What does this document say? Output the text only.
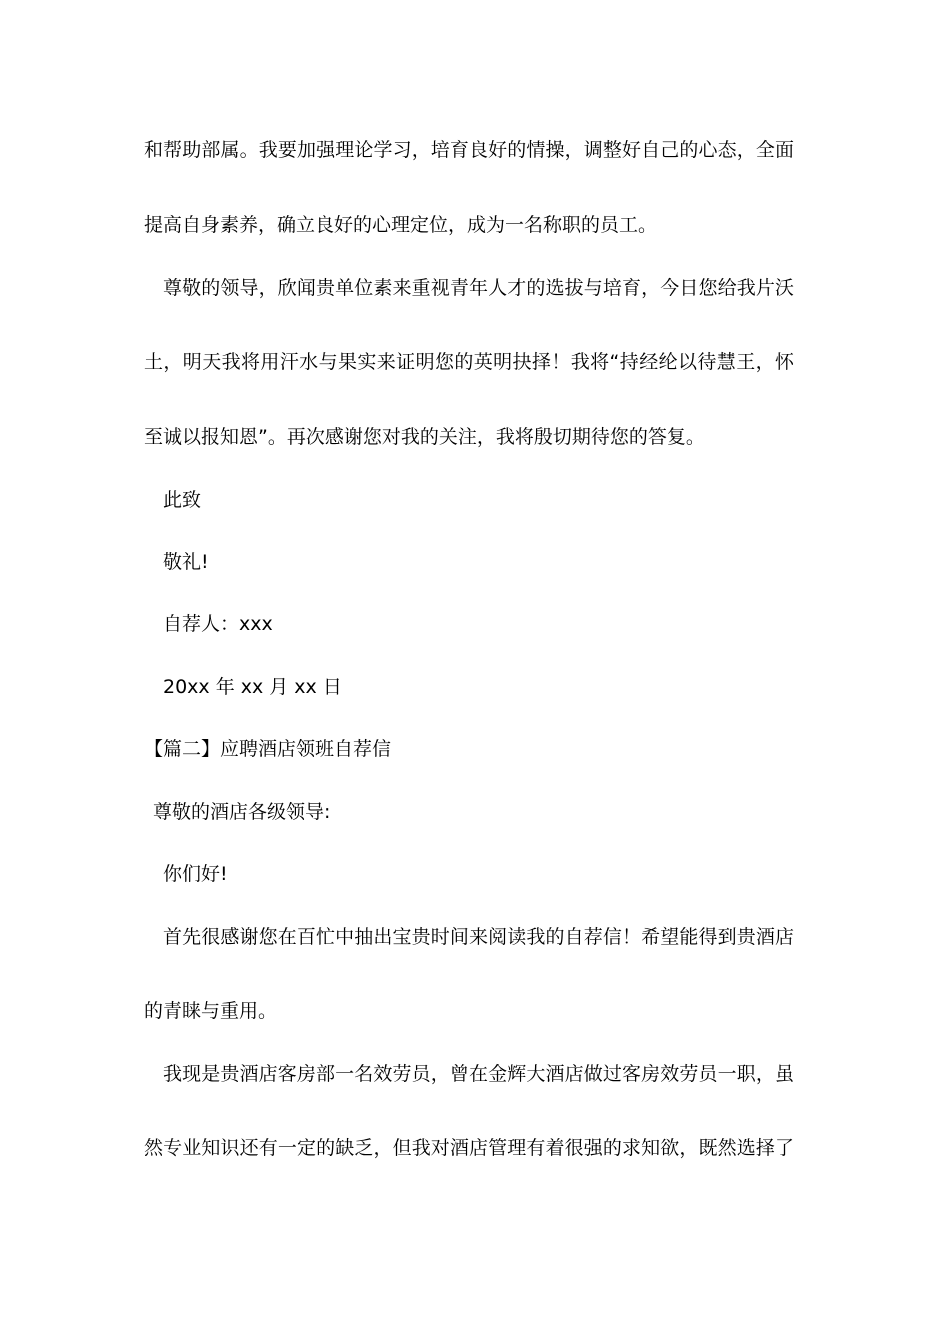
和帮助部属。我要加强理论学习，培育良好的情操，调整好自己的心态，全面
提高自身素养，确立良好的心理定位，成为一名称职的员工。
尊敬的领导，欣闻贵单位素来重视青年人才的选拔与培育，今日您给我片沃
土，明天我将用汗水与果实来证明您的英明抉择！我将“持经纶以待慧王，怀
至诚以报知恩”。再次感谢您对我的关注，我将殷切期待您的答复。
此致
敬礼!
自荐人：xxx
20xx 年 xx 月 xx 日
【篇二】应聘酒店领班自荐信
尊敬的酒店各级领导:
你们好!
首先很感谢您在百忙中抽出宝贵时间来阅读我的自荐信！希望能得到贵酒店
的青睐与重用。
我现是贵酒店客房部一名效劳员，曾在金辉大酒店做过客房效劳员一职，虽
然专业知识还有一定的缺乏，但我对酒店管理有着很强的求知欲，既然选择了
